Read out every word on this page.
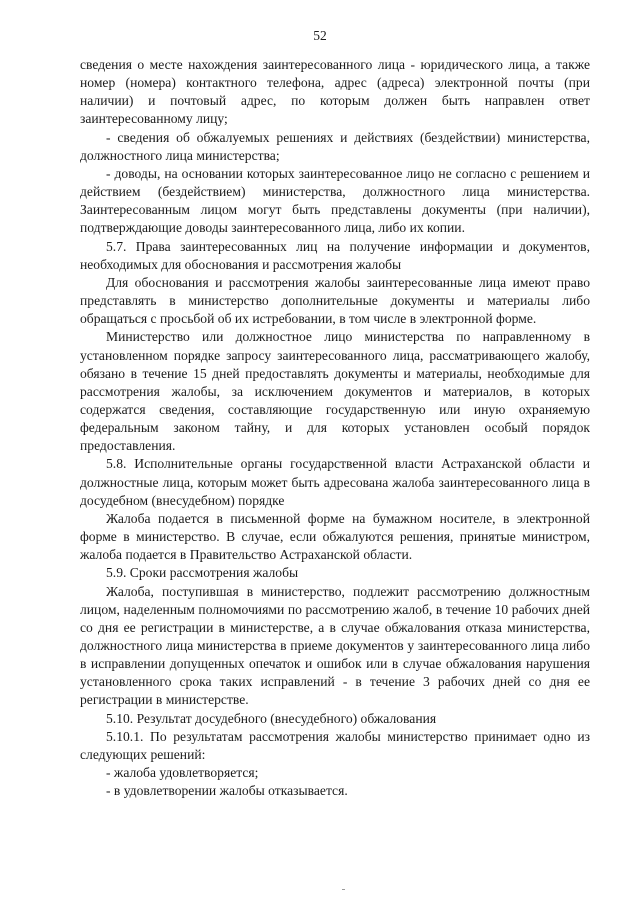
52

сведения о месте нахождения заинтересованного лица - юридического лица, а также номер (номера) контактного телефона, адрес (адреса) электронной почты (при наличии) и почтовый адрес, по которым должен быть направлен ответ заинтересованному лицу;

- сведения об обжалуемых решениях и действиях (бездействии) министерства, должностного лица министерства;

- доводы, на основании которых заинтересованное лицо не согласно с решением и действием (бездействием) министерства, должностного лица министерства. Заинтересованным лицом могут быть представлены документы (при наличии), подтверждающие доводы заинтересованного лица, либо их копии.

5.7. Права заинтересованных лиц на получение информации и документов, необходимых для обоснования и рассмотрения жалобы

Для обоснования и рассмотрения жалобы заинтересованные лица имеют право представлять в министерство дополнительные документы и материалы либо обращаться с просьбой об их истребовании, в том числе в электронной форме.

Министерство или должностное лицо министерства по направленному в установленном порядке запросу заинтересованного лица, рассматривающего жалобу, обязано в течение 15 дней предоставлять документы и материалы, необходимые для рассмотрения жалобы, за исключением документов и материалов, в которых содержатся сведения, составляющие государственную или иную охраняемую федеральным законом тайну, и для которых установлен особый порядок предоставления.

5.8. Исполнительные органы государственной власти Астраханской области и должностные лица, которым может быть адресована жалоба заинтересованного лица в досудебном (внесудебном) порядке

Жалоба подается в письменной форме на бумажном носителе, в электронной форме в министерство. В случае, если обжалуются решения, принятые министром, жалоба подается в Правительство Астраханской области.

5.9. Сроки рассмотрения жалобы

Жалоба, поступившая в министерство, подлежит рассмотрению должностным лицом, наделенным полномочиями по рассмотрению жалоб, в течение 10 рабочих дней со дня ее регистрации в министерстве, а в случае обжалования отказа министерства, должностного лица министерства в приеме документов у заинтересованного лица либо в исправлении допущенных опечаток и ошибок или в случае обжалования нарушения установленного срока таких исправлений - в течение 3 рабочих дней со дня ее регистрации в министерстве.

5.10. Результат досудебного (внесудебного) обжалования

5.10.1. По результатам рассмотрения жалобы министерство принимает одно из следующих решений:

- жалоба удовлетворяется;

- в удовлетворении жалобы отказывается.
